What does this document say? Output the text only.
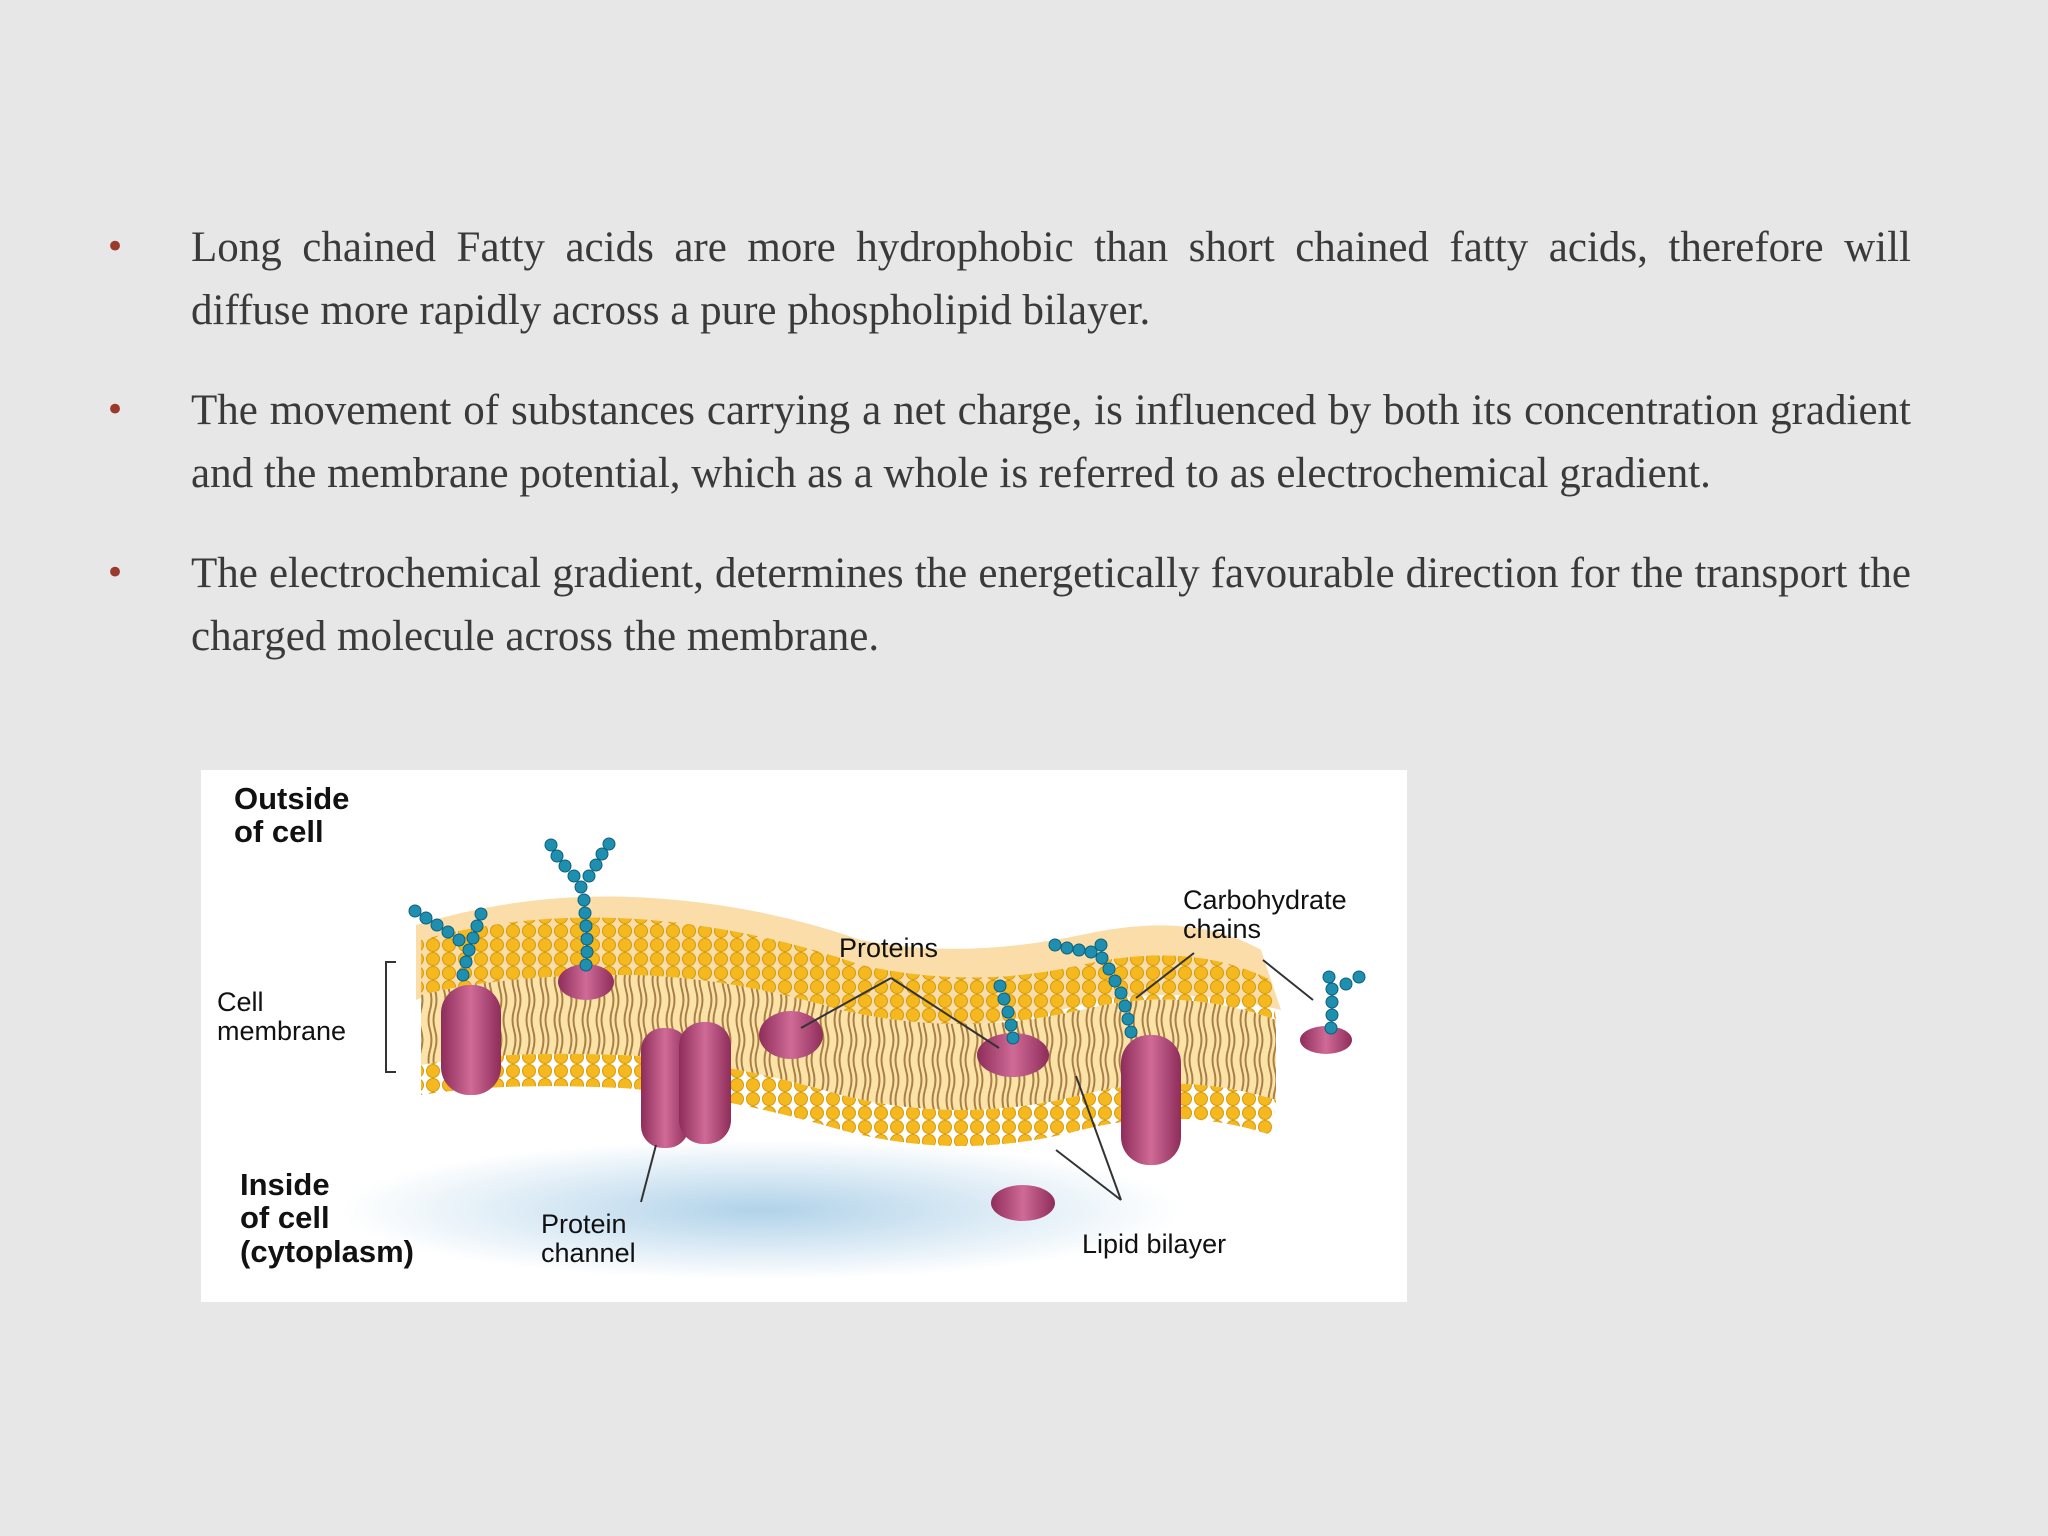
• Long chained Fatty acids are more hydrophobic than short chained fatty acids, therefore will diffuse more rapidly across a pure phospholipid bilayer.
• The movement of substances carrying a net charge, is influenced by both its concentration gradient and the membrane potential, which as a whole is referred to as electrochemical gradient.
• The electrochemical gradient, determines the energetically favourable direction for the transport the charged molecule across the membrane.
Outside
of cell
Cell
membrane
Inside
of cell
(cytoplasm)
Proteins
Carbohydrate
chains
Protein
channel	Lipid bilayer
